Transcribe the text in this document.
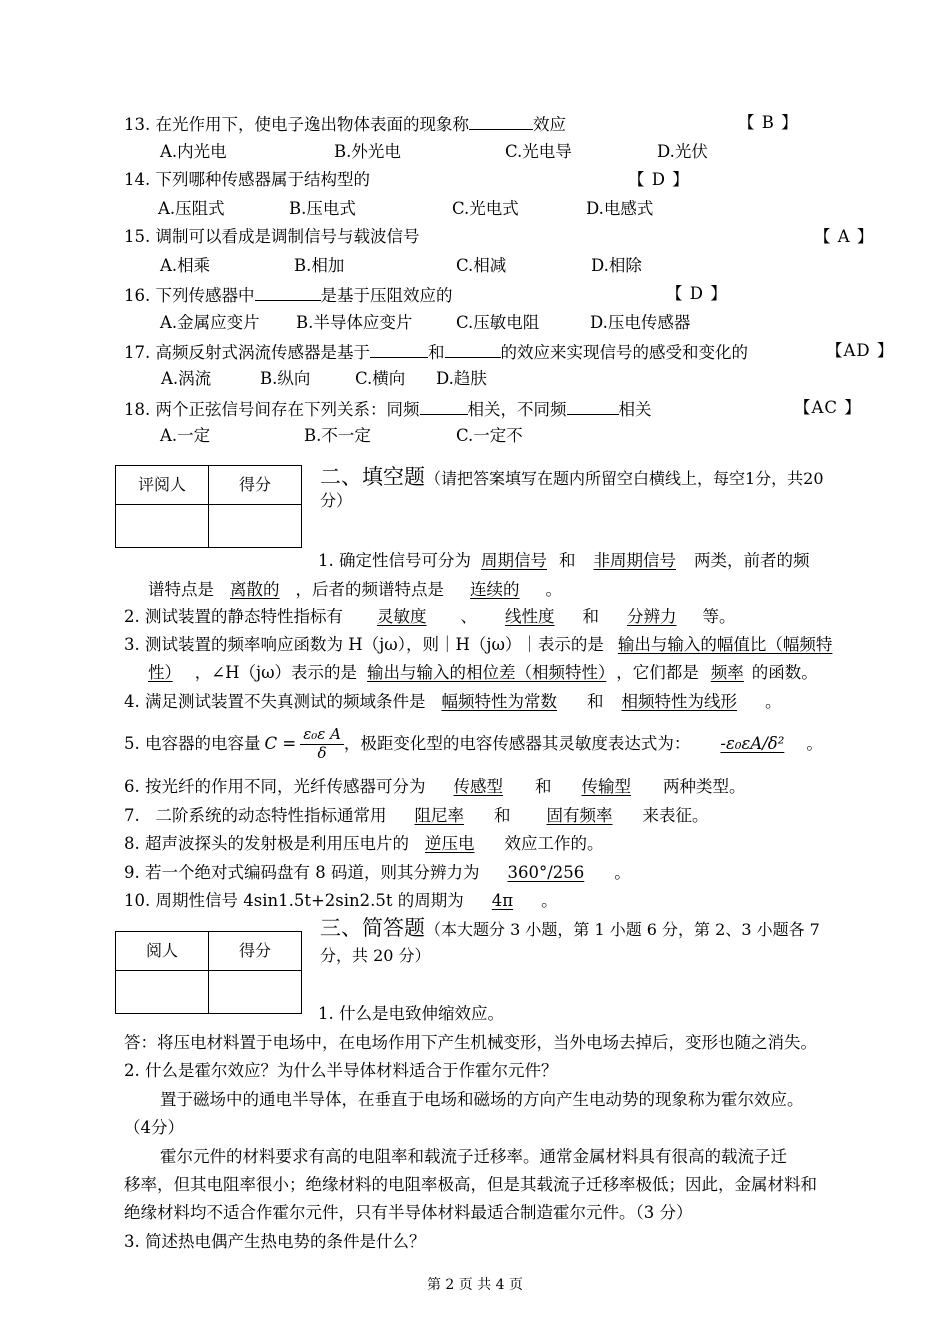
13. 在光作用下，使电子逸出物体表面的现象称	效应	【 B 】
A.内光电	B.外光电	C.光电导	D.光伏
14. 下列哪种传感器属于结构型的	【 D 】
A.压阻式	B.压电式	C.光电式	D.电感式
15. 调制可以看成是调制信号与载波信号	【 A 】
A.相乘	B.相加	C.相减	D.相除
16. 下列传感器中	是基于压阻效应的	【 D 】
A.金属应变片 B.半导体应变片	C.压敏电阻	D.压电传感器
17. 高频反射式涡流传感器是基于	和	的效应来实现信号的感受和变化的	【AD 】
A.涡流	B.纵向	C.横向 D.趋肤
18. 两个正弦信号间存在下列关系：同频	相关，不同频	相关	【AC 】
A.一定	B.不一定	C.一定不
评阅人	得分
	二、填空题（请把答案填写在题内所留空白横线上，每空1分，共20
分）
1. 确定性信号可分为 周期信号 和 非周期信号 两类，前者的频
谱特点是 离散的 ，后者的频谱特点是 连续的 。
2. 测试装置的静态特性指标有 灵敏度 、 线性度 和 分辨力 等。
3. 测试装置的频率响应函数为 H（jω），则｜H（jω）｜表示的是 输出与输入的幅值比（幅频特
性） ，∠H（jω）表示的是 输出与输入的相位差（相频特性） ，它们都是 频率 的函数。
4. 满足测试装置不失真测试的频域条件是 幅频特性为常数 和 相频特性为线形 。
5. 电容器的电容量 $C = \frac{\text{ε₀ε A}}{\delta}$ ，极距变化型的电容传感器其灵敏度表达式为：	-ε₀εA/δ²	。
6. 按光纤的作用不同，光纤传感器可分为 传感型 和 传输型 两种类型。
7.   二阶系统的动态特性指标通常用 阻尼率 和 固有频率 来表征。
8. 超声波探头的发射极是利用压电片的 逆压电 效应工作的。
9. 若一个绝对式编码盘有 8 码道，则其分辨力为 360°/256 。
10. 周期性信号 4sin1.5t+2sin2.5t 的周期为 4π 。
阅人	得分

三、简答题（本大题分 3 小题，第 1 小题 6 分，第 2、3 小题各 7
分，共 20 分）
1. 什么是电致伸缩效应。
答：将压电材料置于电场中，在电场作用下产生机械变形，当外电场去掉后，变形也随之消失。
2. 什么是霍尔效应？为什么半导体材料适合于作霍尔元件？
置于磁场中的通电半导体，在垂直于电场和磁场的方向产生电动势的现象称为霍尔效应。
（4分）
霍尔元件的材料要求有高的电阻率和载流子迁移率。通常金属材料具有很高的载流子迁
移率，但其电阻率很小；绝缘材料的电阻率极高，但是其载流子迁移率极低；因此，金属材料和
绝缘材料均不适合作霍尔元件，只有半导体材料最适合制造霍尔元件。（3 分）
3. 简述热电偶产生热电势的条件是什么？
第 2 页 共 4 页
